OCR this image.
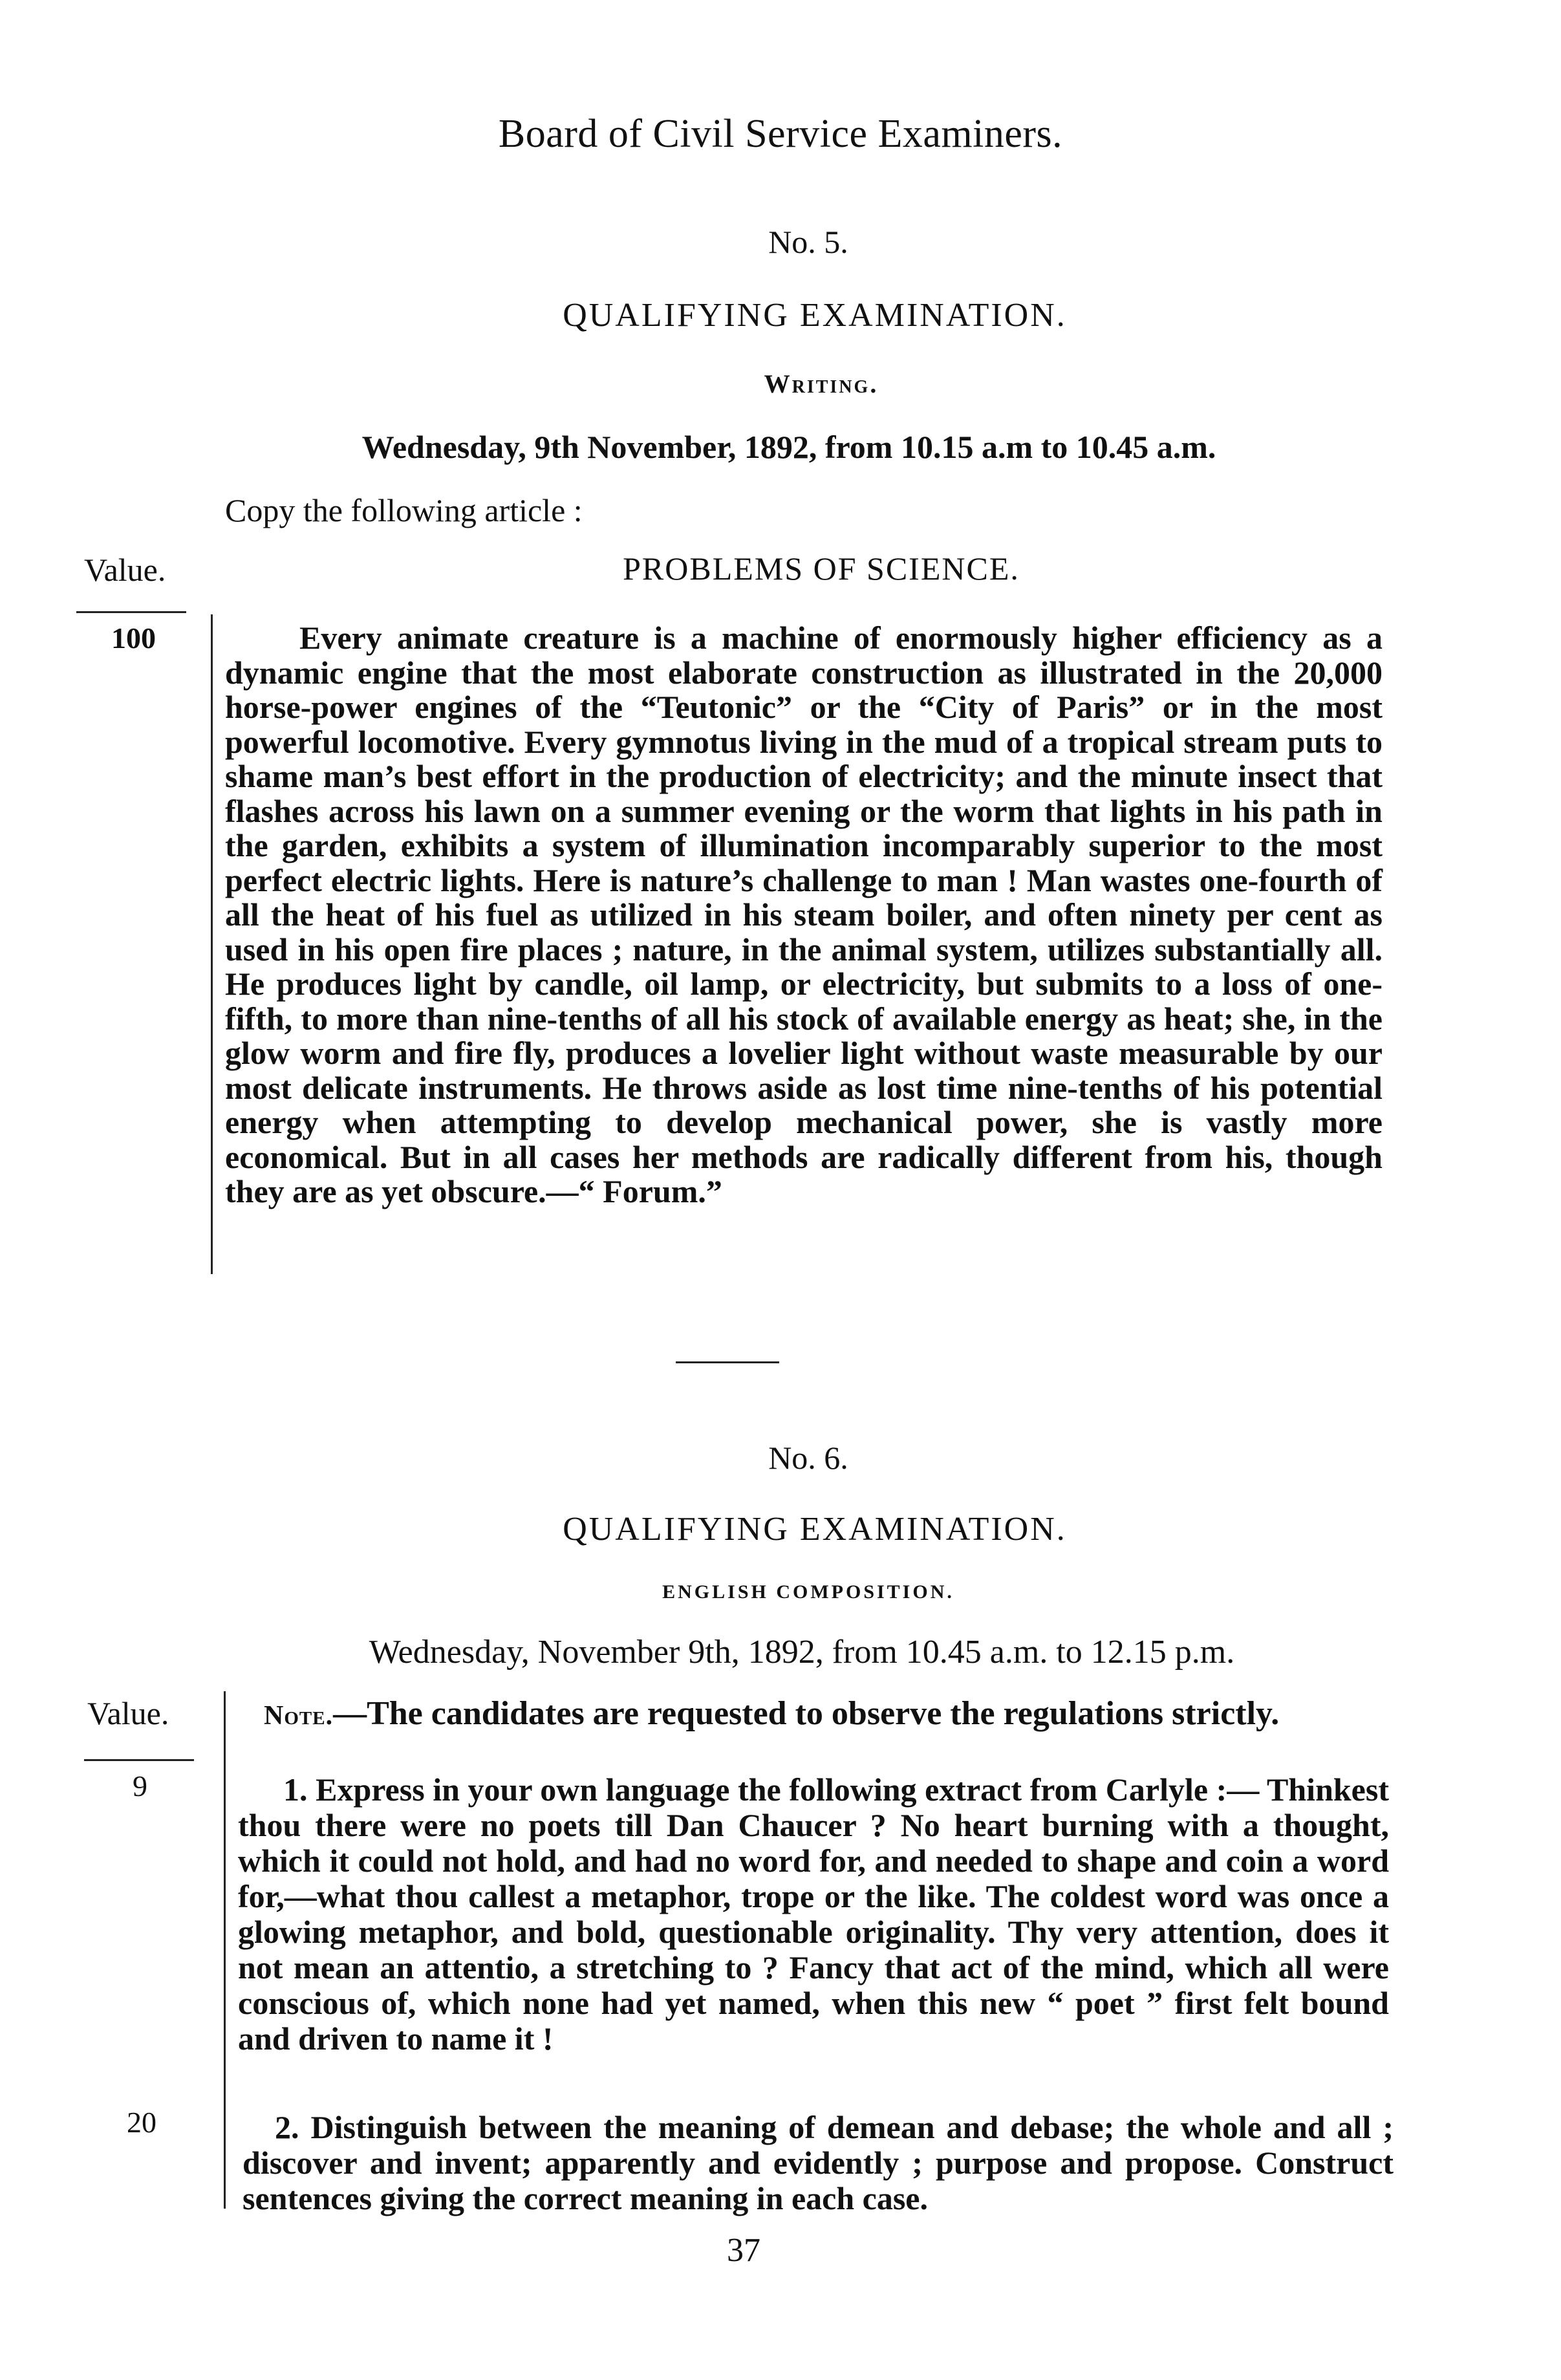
Board of Civil Service Examiners.
No. 5.
QUALIFYING EXAMINATION.
Writing.
Wednesday, 9th November, 1892, from 10.15 a.m to 10.45 a.m.
Copy the following article :
Value.	PROBLEMS OF SCIENCE.
100	Every animate creature is a machine of enormously higher efficiency as a dynamic engine that the most elaborate construction as illustrated in the 20,000 horse-power engines of the “Teutonic” or the “City of Paris” or in the most powerful locomotive. Every gymnotus living in the mud of a tropical stream puts to shame man’s best effort in the production of electricity; and the minute insect that flashes across his lawn on a summer evening or the worm that lights in his path in the garden, exhibits a system of illumination incomparably superior to the most perfect electric lights. Here is nature’s challenge to man ! Man wastes one-fourth of all the heat of his fuel as utilized in his steam boiler, and often ninety per cent as used in his open fire places ; nature, in the animal system, utilizes substantially all. He produces light by candle, oil lamp, or electricity, but submits to a loss of one-fifth, to more than nine-tenths of all his stock of available energy as heat; she, in the glow worm and fire fly, produces a lovelier light without waste measurable by our most delicate instruments. He throws aside as lost time nine-tenths of his potential energy when attempting to develop mechanical power, she is vastly more economical. But in all cases her methods are radically different from his, though they are as yet obscure.—“ Forum.”

No. 6.
QUALIFYING EXAMINATION.
ENGLISH COMPOSITION.
Wednesday, November 9th, 1892, from 10.45 a.m. to 12.15 p.m.
Value.	Note.—The candidates are requested to observe the regulations strictly.
9	1. Express in your own language the following extract from Carlyle :— Thinkest thou there were no poets till Dan Chaucer ? No heart burning with a thought, which it could not hold, and had no word for, and needed to shape and coin a word for,—what thou callest a metaphor, trope or the like. The coldest word was once a glowing metaphor, and bold, questionable originality. Thy very attention, does it not mean an attentio, a stretching to ? Fancy that act of the mind, which all were conscious of, which none had yet named, when this new “ poet ” first felt bound and driven to name it !

20	2. Distinguish between the meaning of demean and debase; the whole and all ; discover and invent; apparently and evidently ; purpose and propose. Construct sentences giving the correct meaning in each case.

37
